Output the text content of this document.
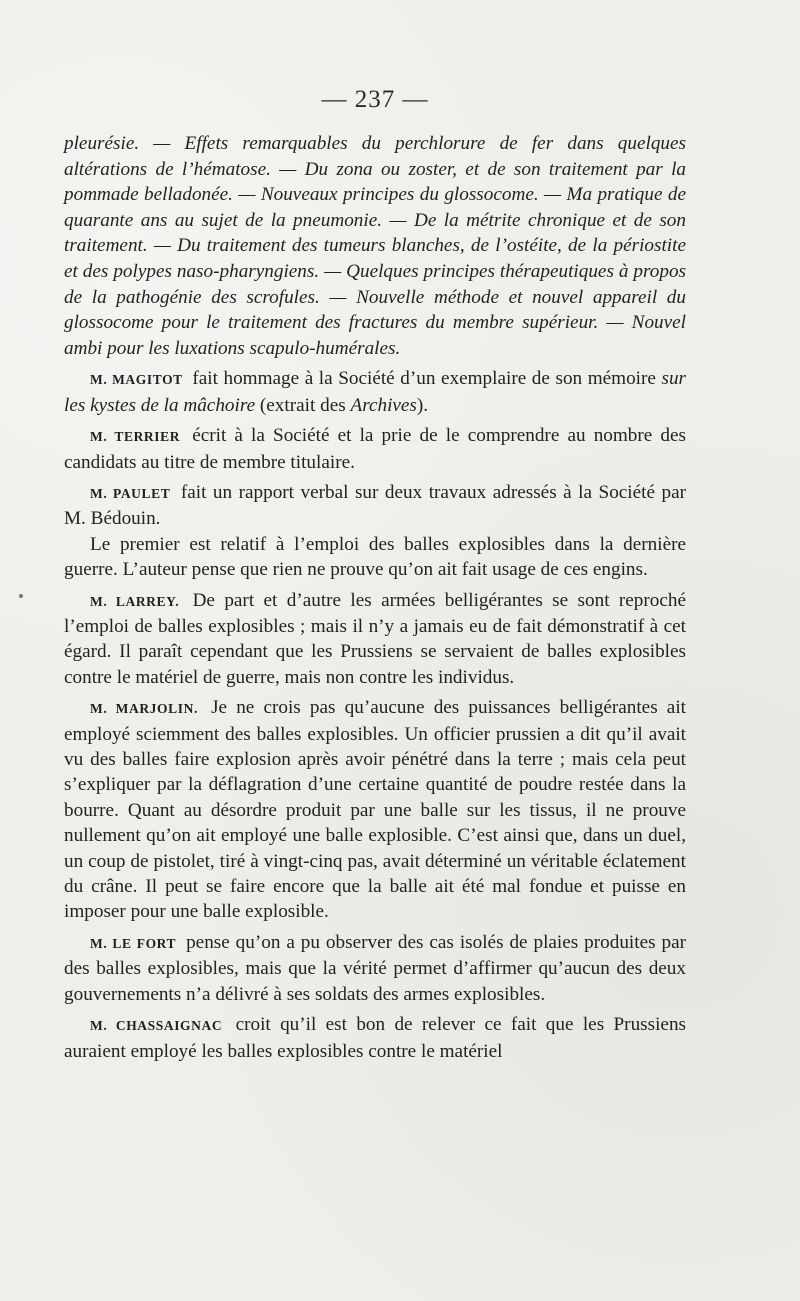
— 237 —

pleurésie. — Effets remarquables du perchlorure de fer dans quelques altérations de l’hématose. — Du zona ou zoster, et de son traitement par la pommade belladonée. — Nouveaux principes du glossocome. — Ma pratique de quarante ans au sujet de la pneumonie. — De la métrite chronique et de son traitement. — Du traitement des tumeurs blanches, de l’ostéite, de la périostite et des polypes naso-pharyngiens. — Quelques principes thérapeutiques à propos de la pathogénie des scrofules. — Nouvelle méthode et nouvel appareil du glossocome pour le traitement des fractures du membre supérieur. — Nouvel ambi pour les luxations scapulo-humérales.

M. MAGITOT fait hommage à la Société d’un exemplaire de son mémoire sur les kystes de la mâchoire (extrait des Archives).

M. TERRIER écrit à la Société et la prie de le comprendre au nombre des candidats au titre de membre titulaire.

M. PAULET fait un rapport verbal sur deux travaux adressés à la Société par M. Bédouin.

Le premier est relatif à l’emploi des balles explosibles dans la dernière guerre. L’auteur pense que rien ne prouve qu’on ait fait usage de ces engins.

M. LARREY. De part et d’autre les armées belligérantes se sont reproché l’emploi de balles explosibles ; mais il n’y a jamais eu de fait démonstratif à cet égard. Il paraît cependant que les Prussiens se servaient de balles explosibles contre le matériel de guerre, mais non contre les individus.

M. MARJOLIN. Je ne crois pas qu’aucune des puissances belligérantes ait employé sciemment des balles explosibles. Un officier prussien a dit qu’il avait vu des balles faire explosion après avoir pénétré dans la terre ; mais cela peut s’expliquer par la déflagration d’une certaine quantité de poudre restée dans la bourre. Quant au désordre produit par une balle sur les tissus, il ne prouve nullement qu’on ait employé une balle explosible. C’est ainsi que, dans un duel, un coup de pistolet, tiré à vingt-cinq pas, avait déterminé un véritable éclatement du crâne. Il peut se faire encore que la balle ait été mal fondue et puisse en imposer pour une balle explosible.

M. LE FORT pense qu’on a pu observer des cas isolés de plaies produites par des balles explosibles, mais que la vérité permet d’affirmer qu’aucun des deux gouvernements n’a délivré à ses soldats des armes explosibles.

M. CHASSAIGNAC croit qu’il est bon de relever ce fait que les Prussiens auraient employé les balles explosibles contre le matériel
